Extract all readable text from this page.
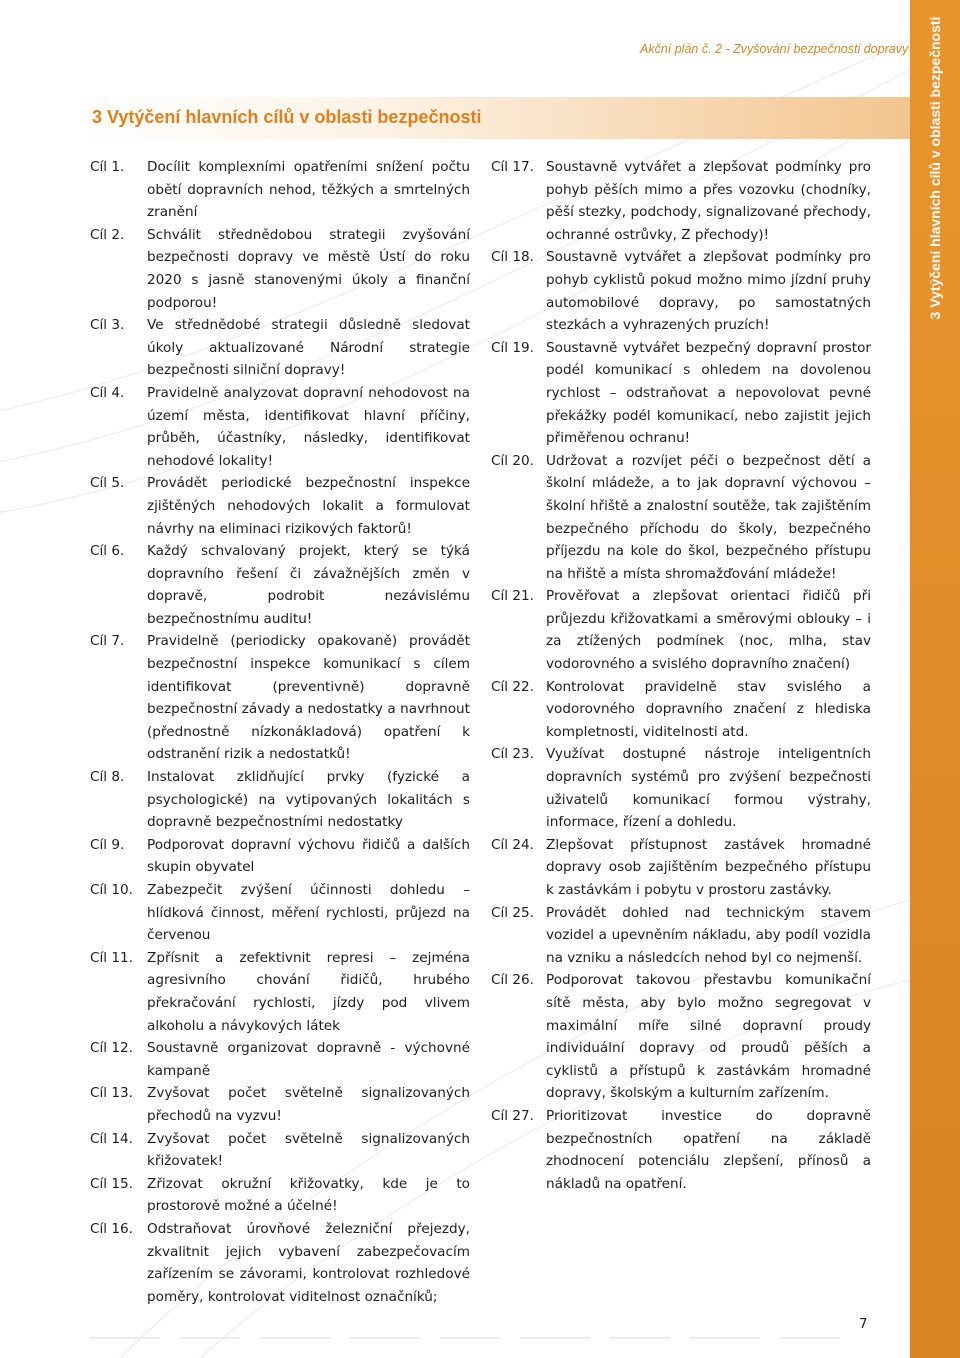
Akční plán č. 2 - Zvyšování bezpečnosti dopravy
3 Vytýčení hlavních cílů v oblasti bezpečnosti	3 Vytýčení hlavních cílů v oblasti bezpečnosti
Cíl 1.	Docílit komplexními opatřeními snížení počtu obětí dopravních nehod, těžkých a smrtelných zranění
Cíl 2.	Schválit střednědobou strategii zvyšování bezpečnosti dopravy ve městě Ústí do roku 2020 s jasně stanovenými úkoly a finanční podporou!
Cíl 3.	Ve střednědobé strategii důsledně sledovat úkoly aktualizované Národní strategie bezpečnosti silniční dopravy!
Cíl 4.	Pravidelně analyzovat dopravní nehodovost na území města, identifikovat hlavní příčiny, průběh, účastníky, následky, identifikovat nehodové lokality!
Cíl 5.	Provádět periodické bezpečnostní inspekce zjištěných nehodových lokalit a formulovat návrhy na eliminaci rizikových faktorů!
Cíl 6.	Každý schvalovaný projekt, který se týká dopravního řešení či závažnějších změn v dopravě, podrobit nezávislému bezpečnostnímu auditu!
Cíl 7.	Pravidelně (periodicky opakovaně) provádět bezpečnostní inspekce komunikací s cílem identifikovat (preventivně) dopravně bezpečnostní závady a nedostatky a navrhnout (přednostně nízkonákladová) opatření k odstranění rizik a nedostatků!
Cíl 8.	Instalovat zklidňující prvky (fyzické a psychologické) na vytipovaných lokalitách s dopravně bezpečnostními nedostatky
Cíl 9.	Podporovat dopravní výchovu řidičů a dalších skupin obyvatel
Cíl 10.	Zabezpečit zvýšení účinnosti dohledu – hlídková činnost, měření rychlosti, průjezd na červenou
Cíl 11.	Zpřísnit a zefektivnit represi – zejména agresivního chování řidičů, hrubého překračování rychlosti, jízdy pod vlivem alkoholu a návykových látek
Cíl 12.	Soustavně organizovat dopravně - výchovné kampaně
Cíl 13.	Zvyšovat počet světelně signalizovaných přechodů na vyzvu!
Cíl 14.	Zvyšovat počet světelně signalizovaných křižovatek!
Cíl 15.	Zřizovat okružní křižovatky, kde je to prostorově možné a účelné!
Cíl 16.	Odstraňovat úrovňové železniční přejezdy, zkvalitnit jejich vybavení zabezpečovacím zařízením se závorami, kontrolovat rozhledové poměry, kontrolovat viditelnost označníků;
Cíl 17. Soustavně vytvářet a zlepšovat podmínky pro pohyb pěších mimo a přes vozovku (chodníky, pěší stezky, podchody, signalizované přechody, ochranné ostrůvky, Z přechody)!
Cíl 18. Soustavně vytvářet a zlepšovat podmínky pro pohyb cyklistů pokud možno mimo jízdní pruhy automobilové dopravy, po samostatných stezkách a vyhrazených pruzích!
Cíl 19. Soustavně vytvářet bezpečný dopravní prostor podél komunikací s ohledem na dovolenou rychlost – odstraňovat a nepovolovat pevné překážky podél komunikací, nebo zajistit jejich přiměřenou ochranu!
Cíl 20. Udržovat a rozvíjet péči o bezpečnost dětí a školní mládeže, a to jak dopravní výchovou – školní hřiště a znalostní soutěže, tak zajištěním bezpečného příchodu do školy, bezpečného příjezdu na kole do škol, bezpečného přístupu na hřiště a místa shromažďování mládeže!
Cíl 21. Prověřovat a zlepšovat orientaci řidičů při průjezdu křižovatkami a směrovými oblouky – i za ztížených podmínek (noc, mlha, stav vodorovného a svislého dopravního značení)
Cíl 22. Kontrolovat pravidelně stav svislého a vodorovného dopravního značení z hlediska kompletnosti, viditelnosti atd.
Cíl 23. Využívat dostupné nástroje inteligentních dopravních systémů pro zvýšení bezpečnosti uživatelů komunikací formou výstrahy, informace, řízení a dohledu.
Cíl 24. Zlepšovat přístupnost zastávek hromadné dopravy osob zajištěním bezpečného přístupu k zastávkám i pobytu v prostoru zastávky.
Cíl 25. Provádět dohled nad technickým stavem vozidel a upevněním nákladu, aby podíl vozidla na vzniku a následcích nehod byl co nejmenší.
Cíl 26. Podporovat takovou přestavbu komunikační sítě města, aby bylo možno segregovat v maximální míře silné dopravní proudy individuální dopravy od proudů pěších a cyklistů a přístupů k zastávkám hromadné dopravy, školským a kulturním zařízením.
Cíl 27. Prioritizovat investice do dopravně bezpečnostních opatření na základě zhodnocení potenciálu zlepšení, přínosů a nákladů na opatření.
7
